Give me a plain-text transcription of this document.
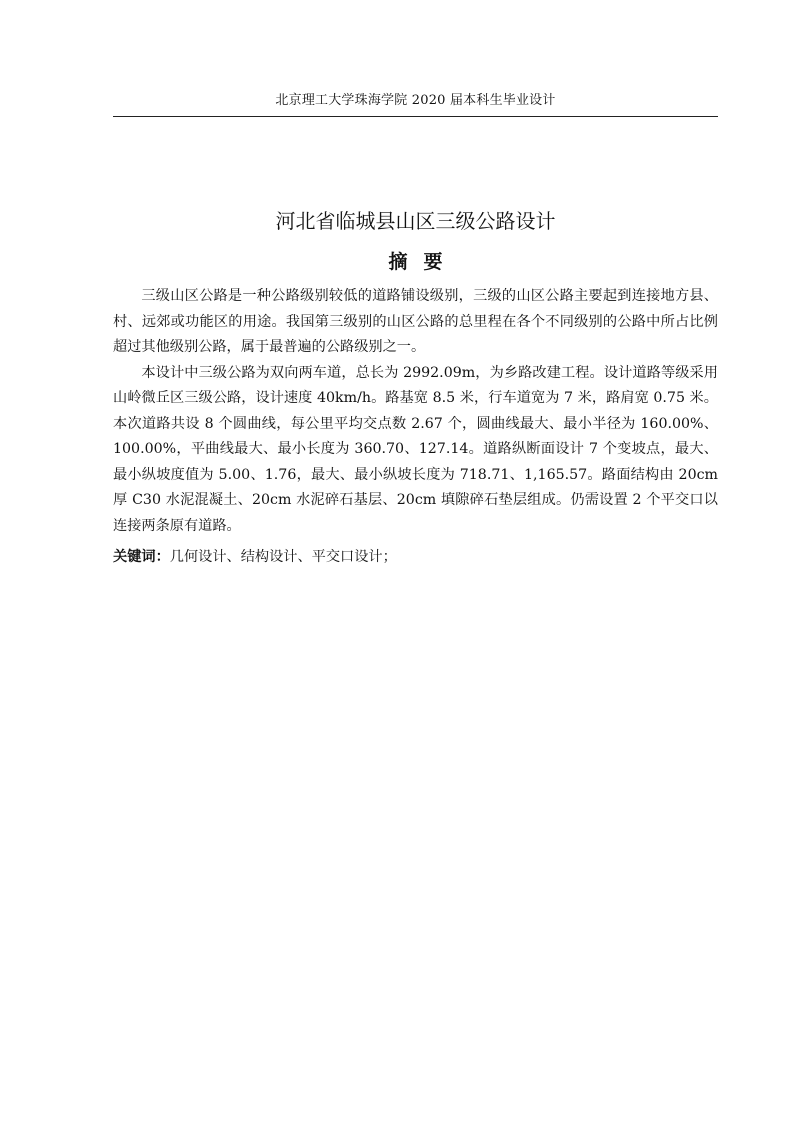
北京理工大学珠海学院 2020 届本科生毕业设计
河北省临城县山区三级公路设计
摘要

三级山区公路是一种公路级别较低的道路铺设级别，三级的山区公路主要起到连接地方县、村、远郊或功能区的用途。我国第三级别的山区公路的总里程在各个不同级别的公路中所占比例超过其他级别公路，属于最普遍的公路级别之一。

本设计中三级公路为双向两车道，总长为 2992.09m，为乡路改建工程。设计道路等级采用山岭微丘区三级公路，设计速度 40km/h。路基宽 8.5 米，行车道宽为 7 米，路肩宽 0.75 米。本次道路共设 8 个圆曲线，每公里平均交点数 2.67 个，圆曲线最大、最小半径为 160.00%、100.00%，平曲线最大、最小长度为 360.70、127.14。道路纵断面设计 7 个变坡点，最大、最小纵坡度值为 5.00、1.76，最大、最小纵坡长度为 718.71、1,165.57。路面结构由 20cm 厚 C30 水泥混凝土、20cm 水泥碎石基层、20cm 填隙碎石垫层组成。仍需设置 2 个平交口以连接两条原有道路。

关键词：几何设计、结构设计、平交口设计；
